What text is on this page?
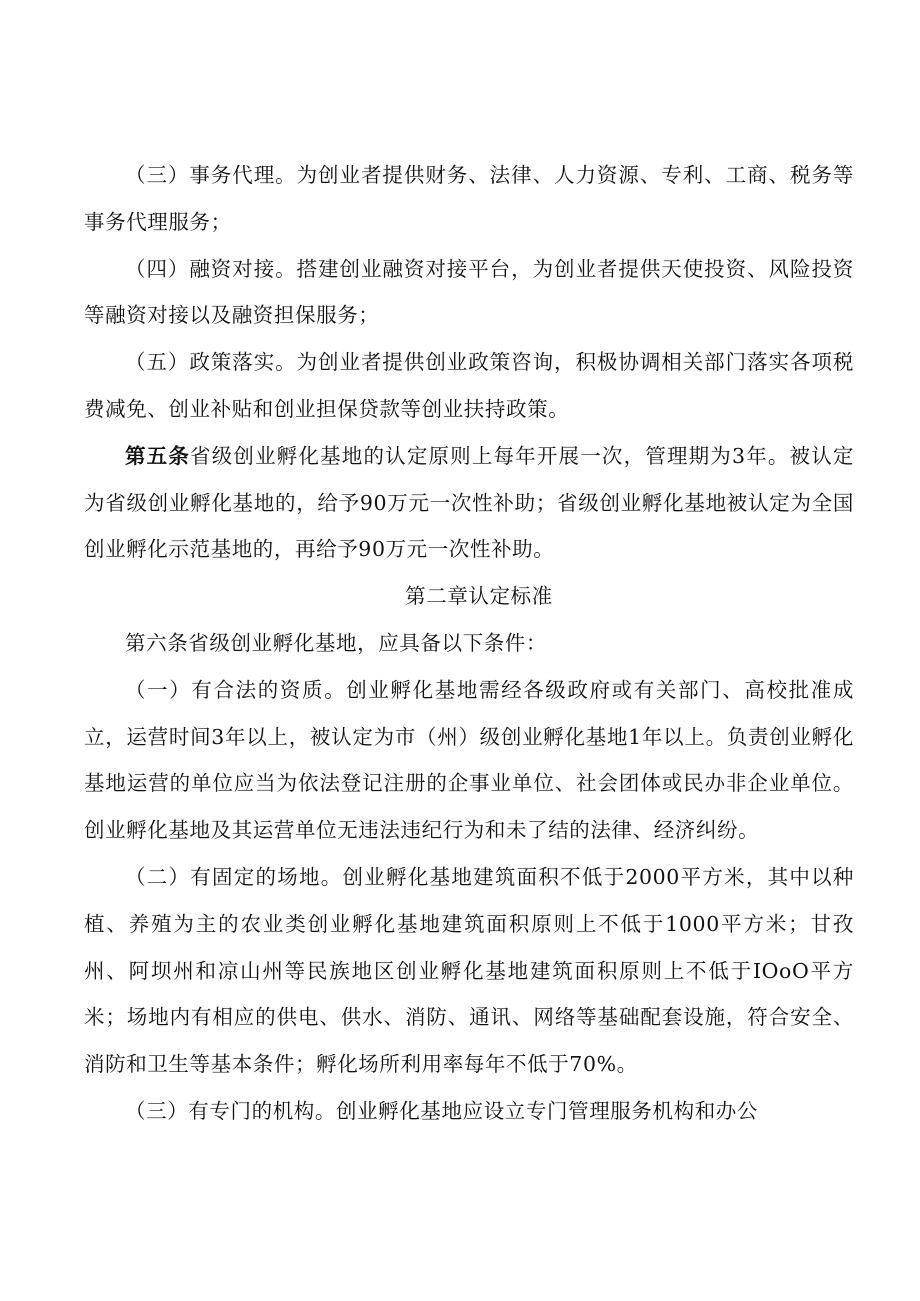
（三）事务代理。为创业者提供财务、法律、人力资源、专利、工商、税务等事务代理服务；

（四）融资对接。搭建创业融资对接平台，为创业者提供天使投资、风险投资等融资对接以及融资担保服务；

（五）政策落实。为创业者提供创业政策咨询，积极协调相关部门落实各项税费减免、创业补贴和创业担保贷款等创业扶持政策。

第五条省级创业孵化基地的认定原则上每年开展一次，管理期为3年。被认定为省级创业孵化基地的，给予90万元一次性补助；省级创业孵化基地被认定为全国创业孵化示范基地的，再给予90万元一次性补助。

第二章认定标准

第六条省级创业孵化基地，应具备以下条件：

（一）有合法的资质。创业孵化基地需经各级政府或有关部门、高校批准成立，运营时间3年以上，被认定为市（州）级创业孵化基地1年以上。负责创业孵化基地运营的单位应当为依法登记注册的企事业单位、社会团体或民办非企业单位。创业孵化基地及其运营单位无违法违纪行为和未了结的法律、经济纠纷。

（二）有固定的场地。创业孵化基地建筑面积不低于2000平方米，其中以种植、养殖为主的农业类创业孵化基地建筑面积原则上不低于1000平方米；甘孜州、阿坝州和凉山州等民族地区创业孵化基地建筑面积原则上不低于IOoO平方米；场地内有相应的供电、供水、消防、通讯、网络等基础配套设施，符合安全、消防和卫生等基本条件；孵化场所利用率每年不低于70%。

（三）有专门的机构。创业孵化基地应设立专门管理服务机构和办公
